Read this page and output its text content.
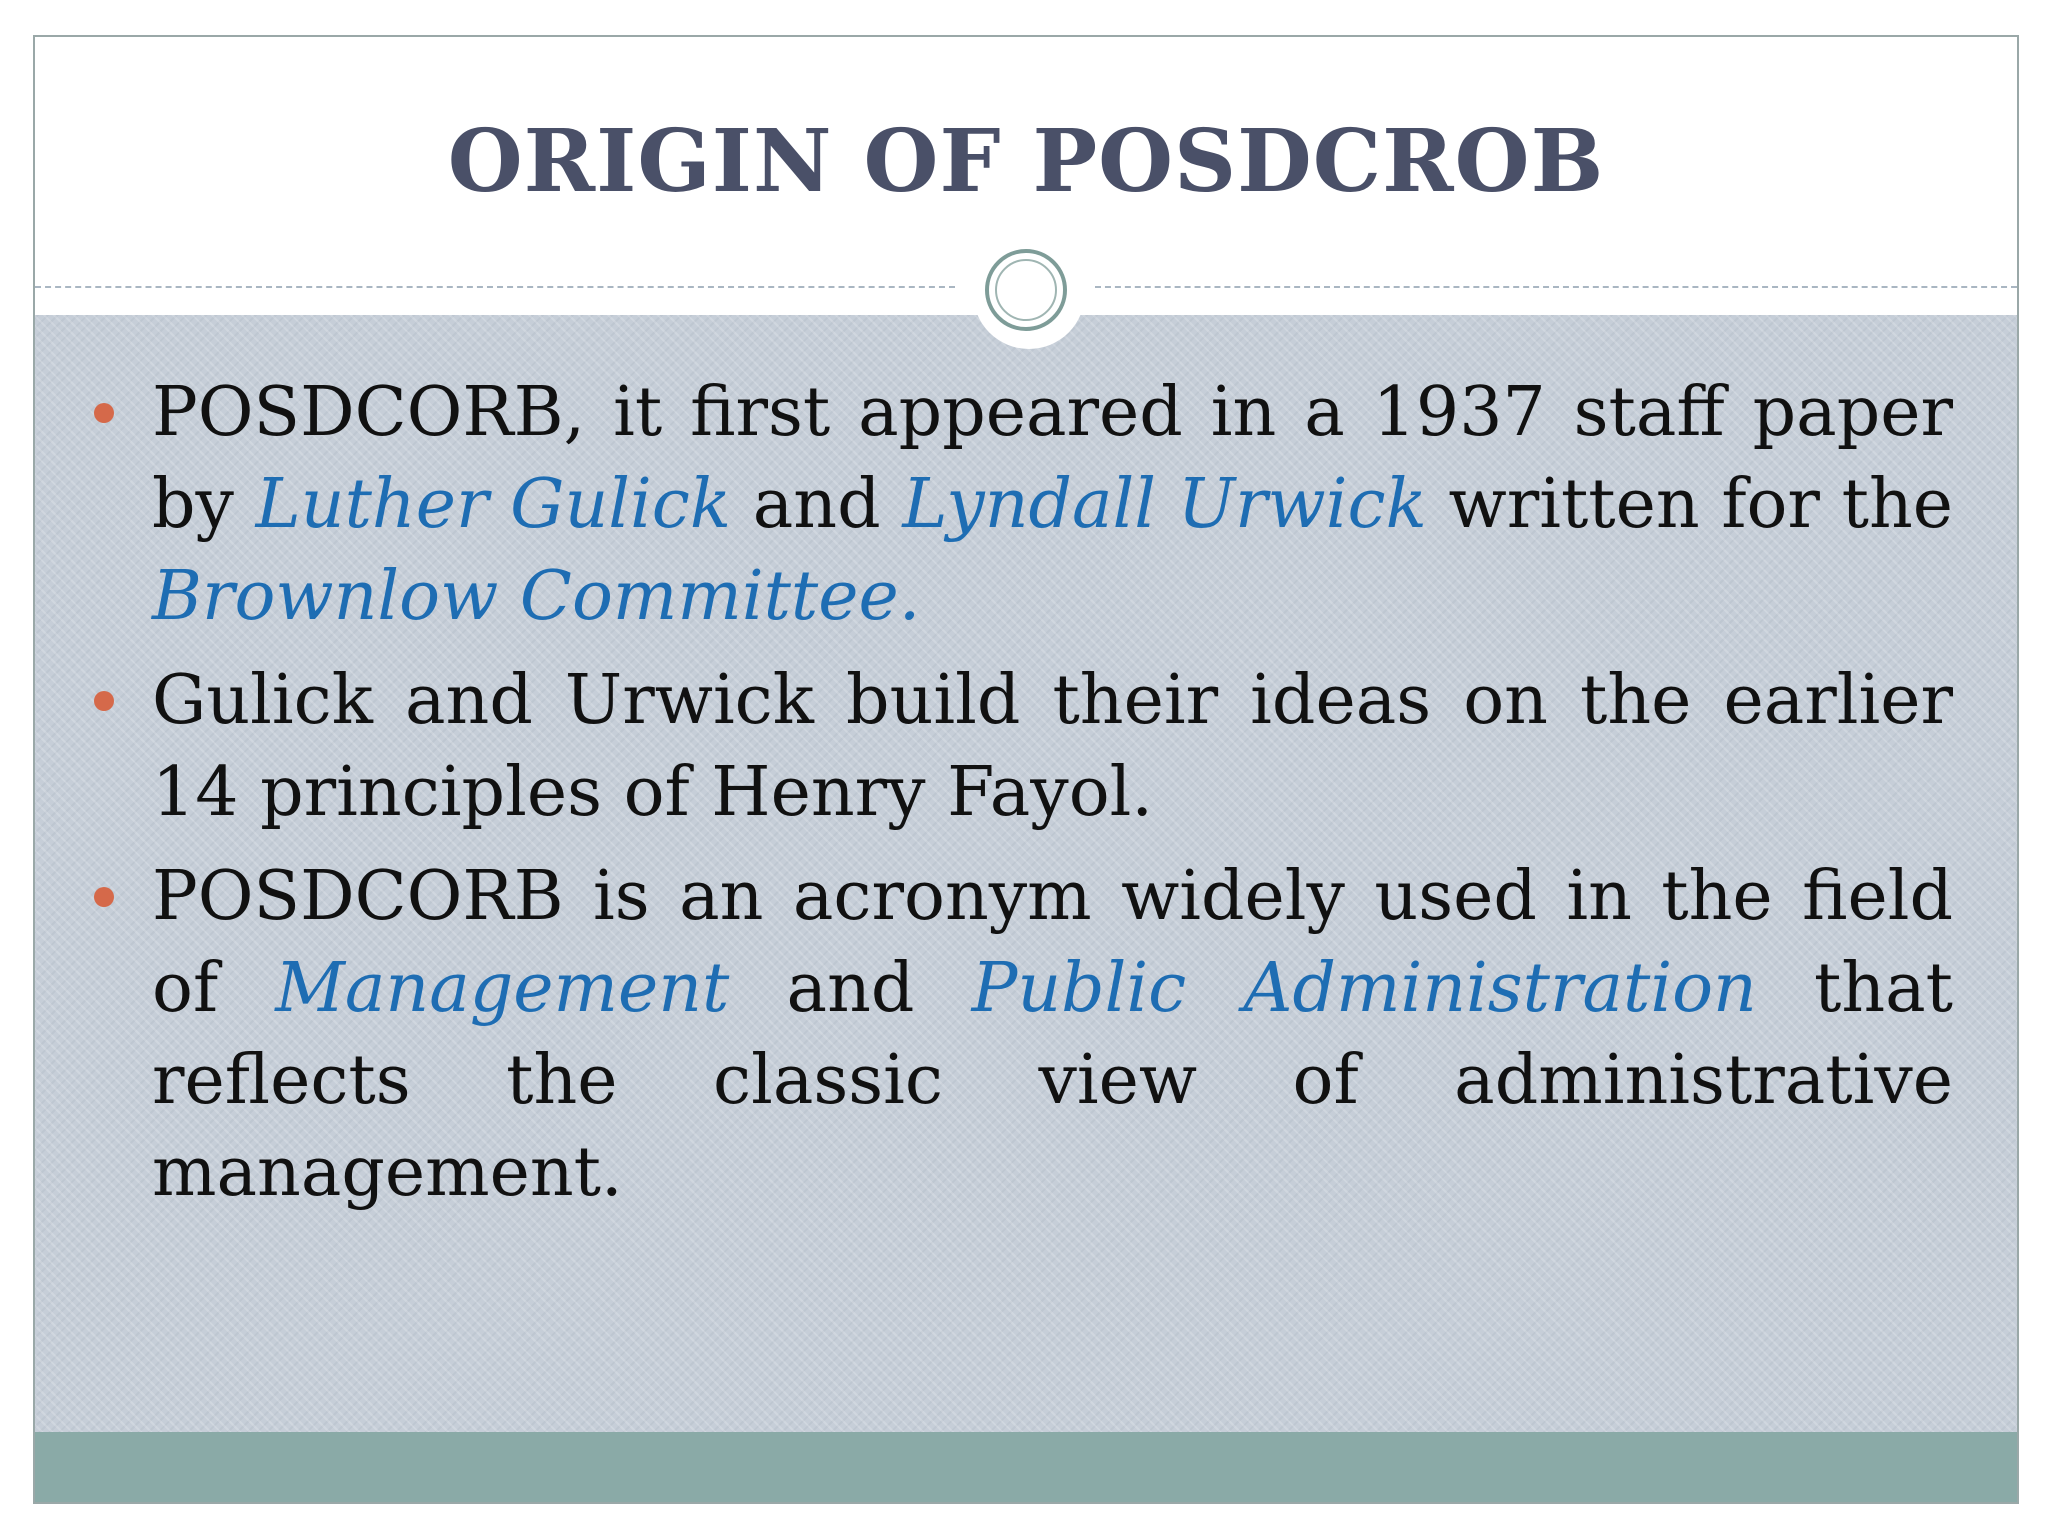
ORIGIN OF POSDCROB
POSDCORB, it first appeared in a 1937 staff paper by Luther Gulick and Lyndall Urwick written for the Brownlow Committee.
Gulick and Urwick build their ideas on the earlier 14 principles of Henry Fayol.
POSDCORB is an acronym widely used in the field of Management and Public Administration that reflects the classic view of administrative management.
